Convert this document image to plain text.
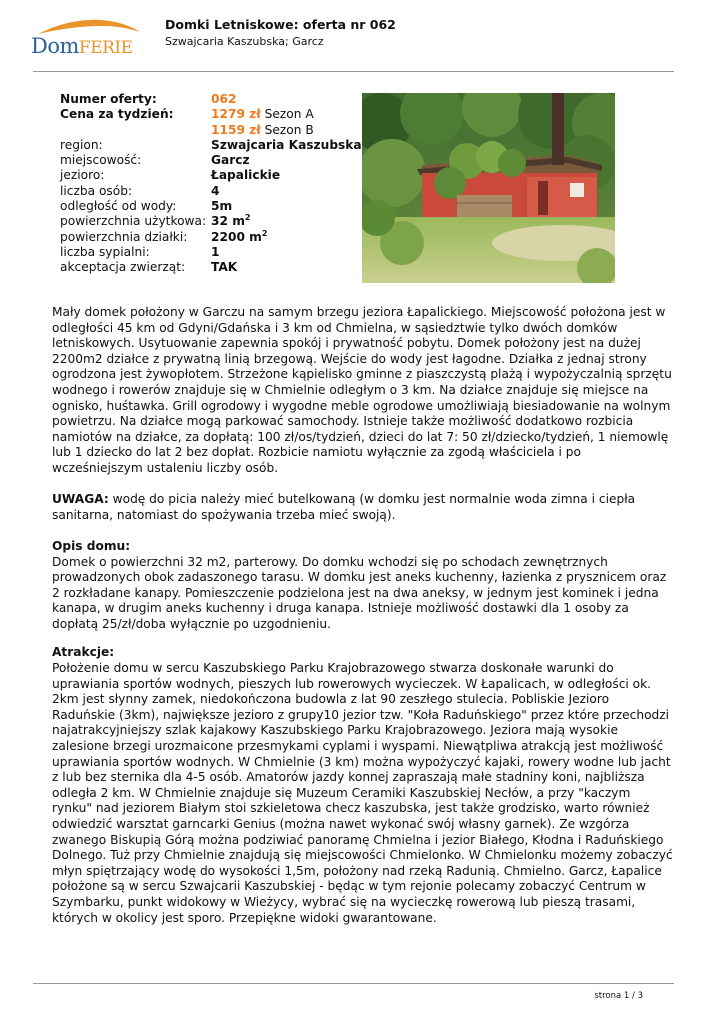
DomFERIE
Domki Letniskowe: oferta nr 062
Szwajcaria Kaszubska; Garcz
Numer oferty:	062
Cena za tydzień:	1279 zł Sezon A
1159 zł Sezon B
region:	Szwajcaria Kaszubska
miejscowość:	Garcz
jezioro:	Łapalickie
liczba osób:	4
odległość od wody:	5m
powierzchnia użytkowa: 32 $m^2$
powierzchnia działki:	2200 $m^2$
liczba sypialni:	1
akceptacja zwierząt:	TAK

Mały domek położony w Garczu na samym brzegu jeziora Łapalickiego. Miejscowość położona jest w odległości 45 km od Gdyni/Gdańska i 3 km od Chmielna, w sąsiedztwie tylko dwóch domków letniskowych. Usytuowanie zapewnia spokój i prywatność pobytu. Domek położony jest na dużej 2200m2 działce z prywatną linią brzegową. Wejście do wody jest łagodne. Działka z jednaj strony ogrodzona jest żywopłotem. Strzeżone kąpielisko gminne z piaszczystą plażą i wypożyczalnią sprzętu wodnego i rowerów znajduje się w Chmielnie odległym o 3 km. Na działce znajduje się miejsce na ognisko, huśtawka. Grill ogrodowy i wygodne meble ogrodowe umożliwiają biesiadowanie na wolnym powietrzu. Na działce mogą parkować samochody. Istnieje także możliwość dodatkowo rozbicia namiotów na działce, za dopłatą: 100 zł/os/tydzień, dzieci do lat 7: 50 zł/dziecko/tydzień, 1 niemowlę lub 1 dziecko do lat 2 bez dopłat. Rozbicie namiotu wyłącznie za zgodą właściciela i po wcześniejszym ustaleniu liczby osób.

UWAGA: wodę do picia należy mieć butelkowaną (w domku jest normalnie woda zimna i ciepła sanitarna, natomiast do spożywania trzeba mieć swoją).

Opis domu:
Domek o powierzchni 32 m2, parterowy. Do domku wchodzi się po schodach zewnętrznych prowadzonych obok zadaszonego tarasu. W domku jest aneks kuchenny, łazienka z prysznicem oraz 2 rozkładane kanapy. Pomieszczenie podzielona jest na dwa aneksy, w jednym jest kominek i jedna kanapa, w drugim aneks kuchenny i druga kanapa. Istnieje możliwość dostawki dla 1 osoby za dopłatą 25/zł/doba wyłącznie po uzgodnieniu.
Atrakcje:
Położenie domu w sercu Kaszubskiego Parku Krajobrazowego stwarza doskonałe warunki do uprawiania sportów wodnych, pieszych lub rowerowych wycieczek. W Łapalicach, w odległości ok. 2km jest słynny zamek, niedokończona budowla z lat 90 zeszłego stulecia. Pobliskie Jezioro Raduńskie (3km), największe jezioro z grupy10 jezior tzw. "Koła Raduńskiego" przez które przechodzi najatrakcyjniejszy szlak kajakowy Kaszubskiego Parku Krajobrazowego. Jeziora mają wysokie zalesione brzegi urozmaicone przesmykami cyplami i wyspami. Niewątpliwa atrakcją jest możliwość uprawiania sportów wodnych. W Chmielnie (3 km) można wypożyczyć kajaki, rowery wodne lub jacht z lub bez sternika dla 4-5 osób. Amatorów jazdy konnej zapraszają małe stadniny koni, najbliższa odległa 2 km. W Chmielnie znajduje się Muzeum Ceramiki Kaszubskiej Necłów, a przy "kaczym rynku" nad jeziorem Białym stoi szkieletowa checz kaszubska, jest także grodzisko, warto również odwiedzić warsztat garncarki Genius (można nawet wykonać swój własny garnek). Ze wzgórza zwanego Biskupią Górą można podziwiać panoramę Chmielna i jezior Białego, Kłodna i Raduńskiego Dolnego. Tuż przy Chmielnie znajdują się miejscowości Chmielonko. W Chmielonku możemy zobaczyć młyn spiętrzający wodę do wysokości 1,5m, położony nad rzeką Radunią. Chmielno. Garcz, Łapalice położone są w sercu Szwajcarii Kaszubskiej - będąc w tym rejonie polecamy zobaczyć Centrum w Szymbarku, punkt widokowy w Wieżycy, wybrać się na wycieczkę rowerową lub pieszą trasami, których w okolicy jest sporo. Przepiękne widoki gwarantowane.
strona 1 / 3
